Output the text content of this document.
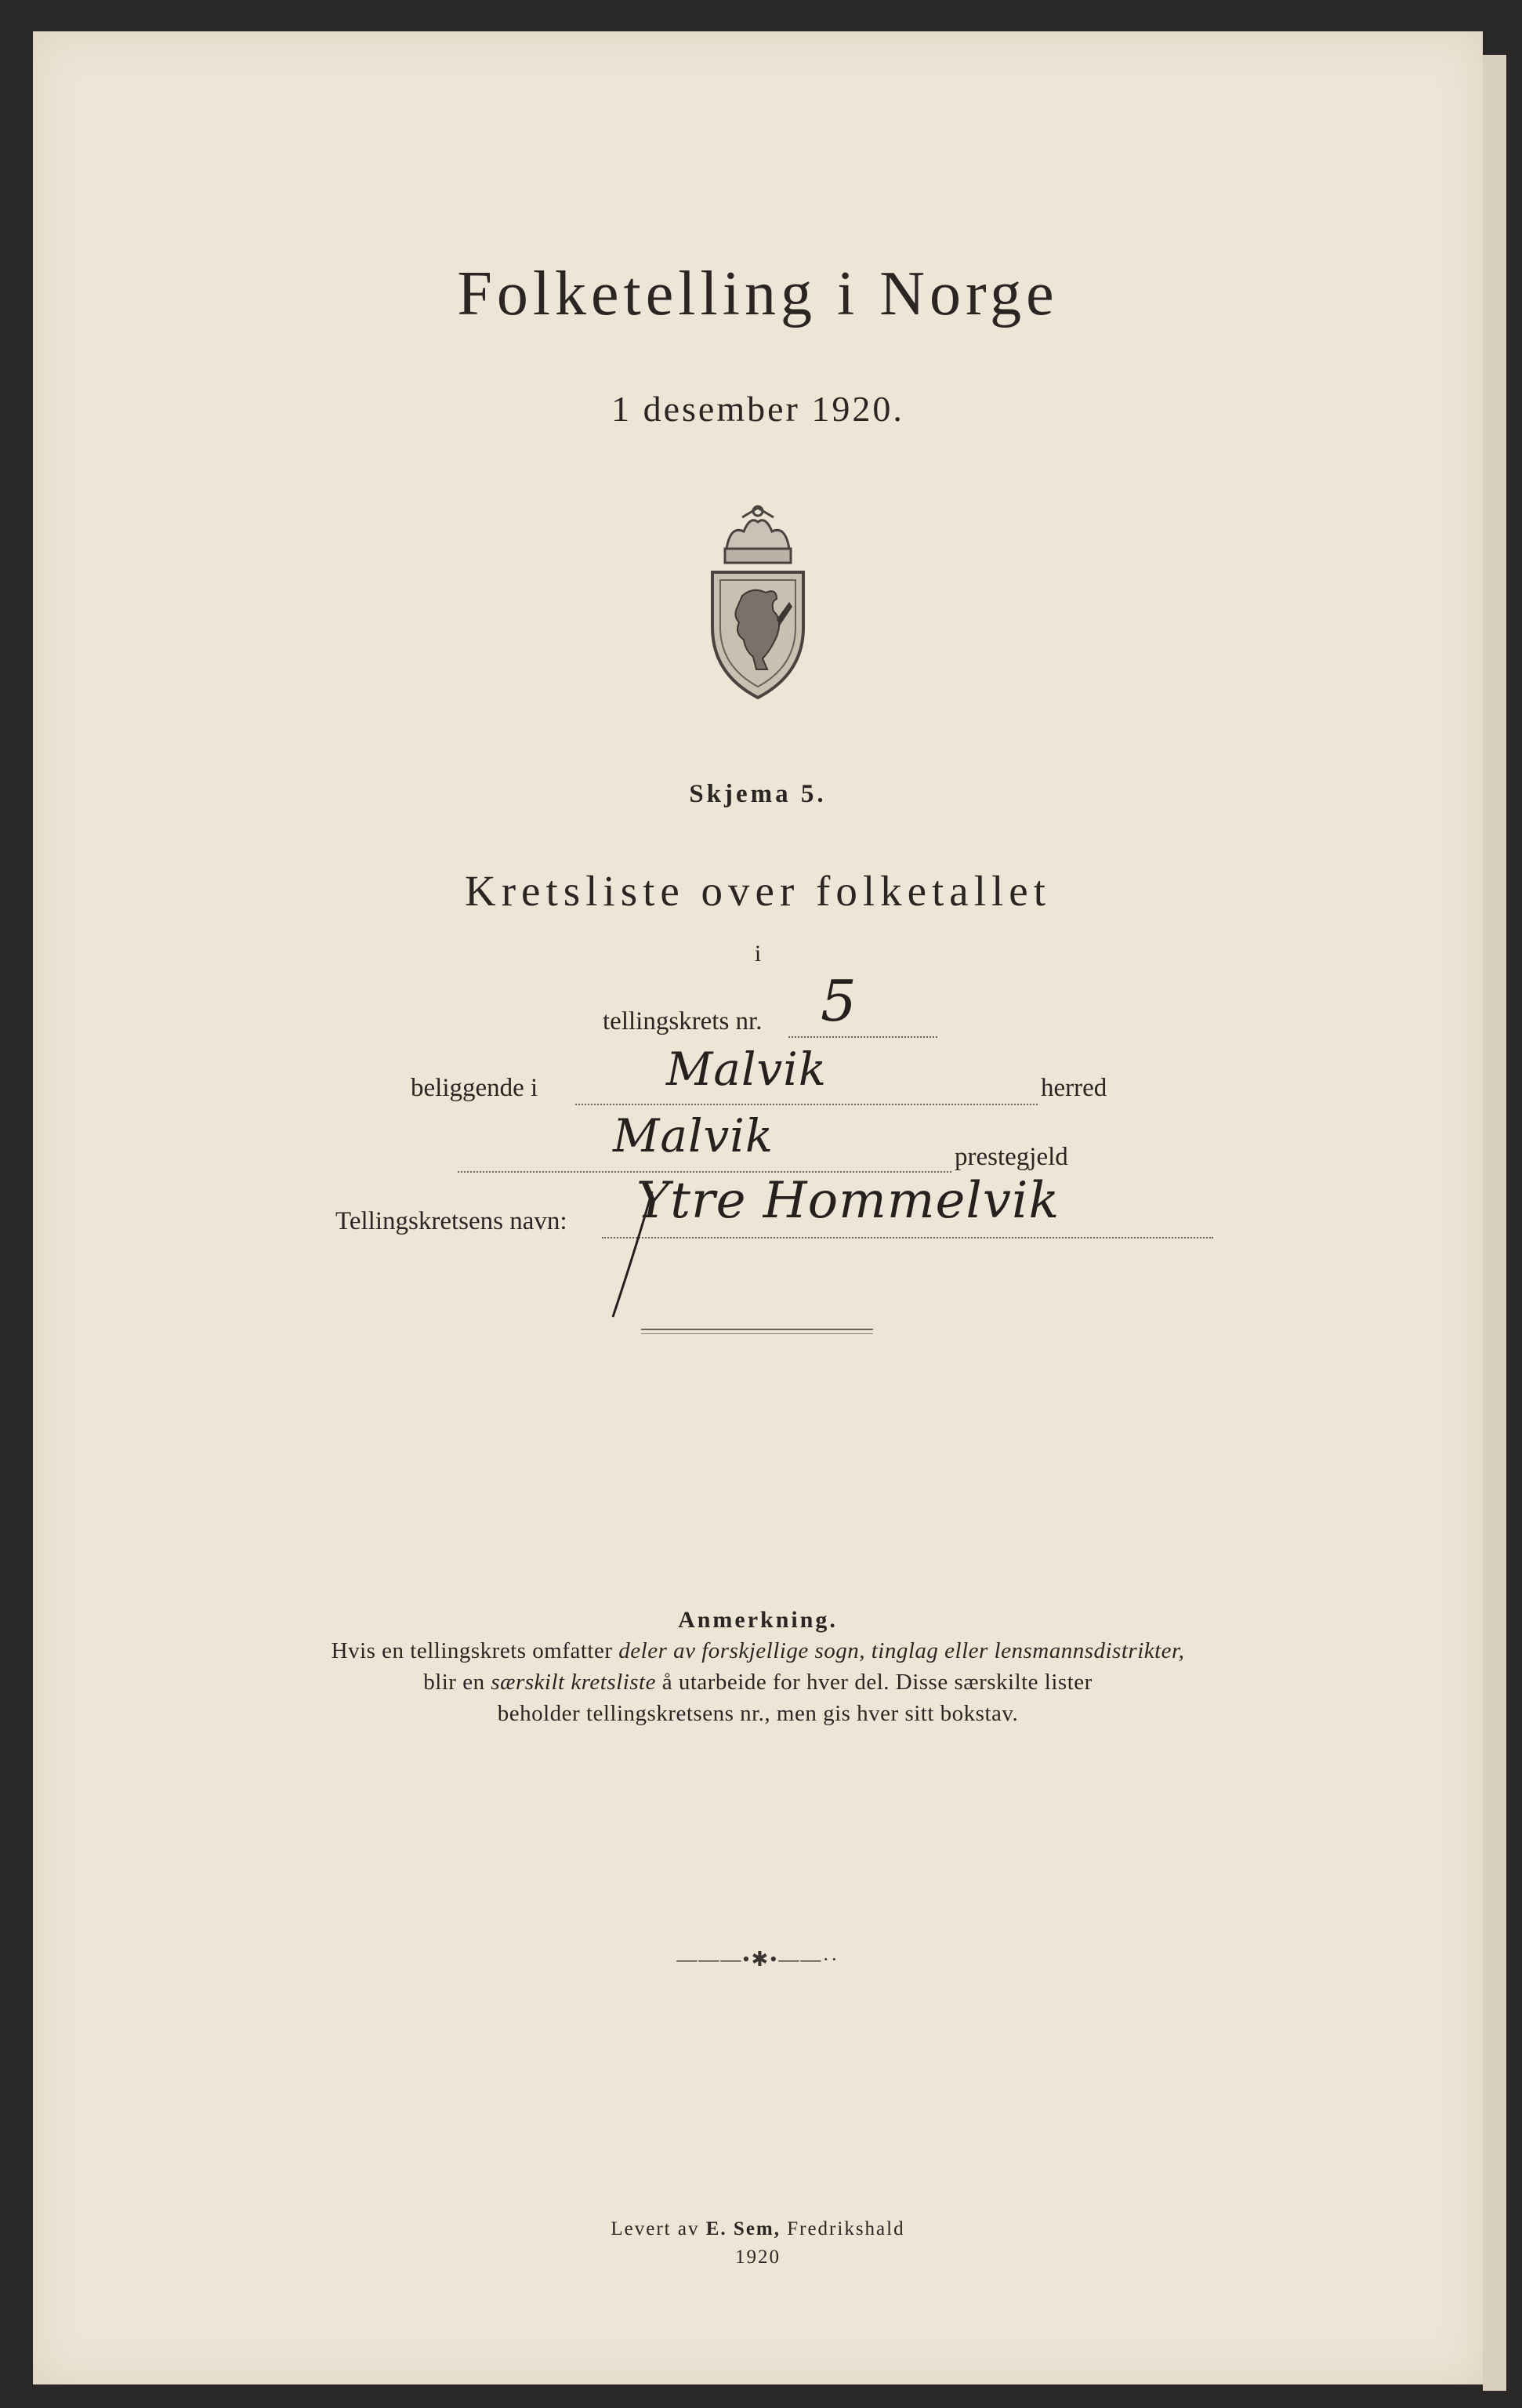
Folketelling i Norge
1 desember 1920.
Skjema 5.
Kretsliste over folketallet
i
tellingskrets nr. 5
beliggende i	Malvik	herred
Malvik	prestegjeld
Tellingskretsens navn: Ytre Hommelvik
Anmerkning.
Hvis en tellingskrets omfatter deler av forskjellige sogn, tinglag eller lensmannsdistrikter,
blir en særskilt kretsliste å utarbeide for hver del. Disse særskilte lister
beholder tellingskretsens nr., men gis hver sitt bokstav.
———•✱•——··
Levert av E. Sem, Fredrikshald
1920
